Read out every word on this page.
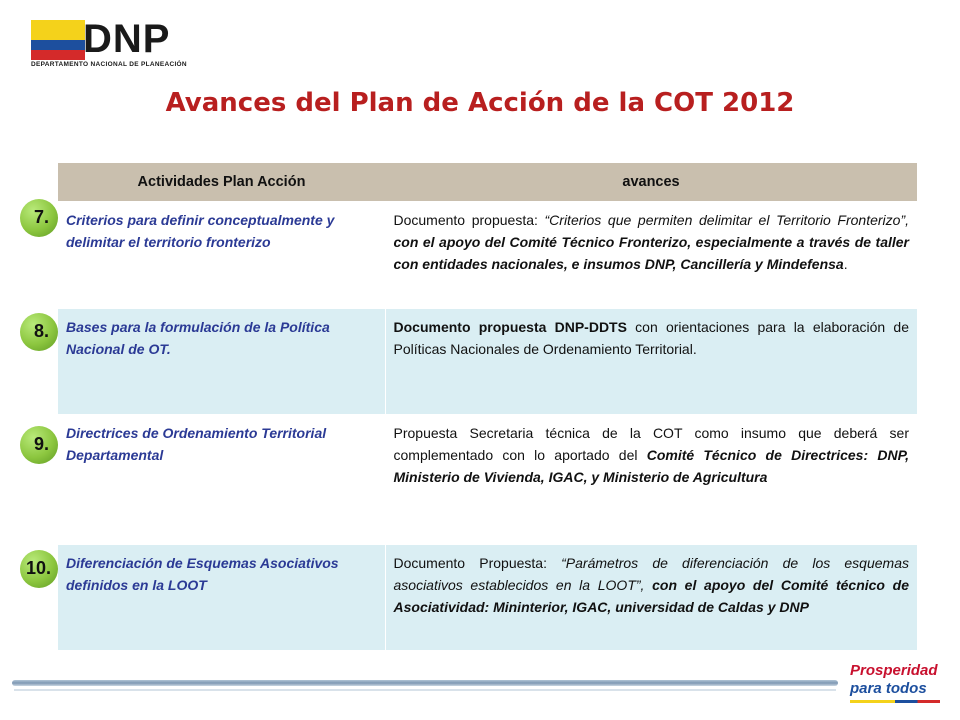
DNP
DEPARTAMENTO NACIONAL DE PLANEACIÓN
Avances del Plan de Acción de la COT 2012
Actividades Plan Acción	avances
Criterios para definir conceptualmente y delimitar el territorio fronterizo	Documento propuesta: “Criterios que permiten delimitar el Territorio Fronterizo”, con el apoyo del Comité Técnico Fronterizo, especialmente a través de taller con entidades nacionales, e insumos DNP, Cancillería y Mindefensa.
Bases para la formulación de la Política Nacional de OT.	Documento propuesta DNP-DDTS con orientaciones para la elaboración de Políticas Nacionales de Ordenamiento Territorial.
Directrices de Ordenamiento Territorial Departamental	Propuesta Secretaria técnica de la COT como insumo que deberá ser complementado con lo aportado del Comité Técnico de Directrices: DNP, Ministerio de Vivienda, IGAC, y Ministerio de Agricultura
Diferenciación de Esquemas Asociativos definidos en la LOOT	Documento Propuesta: “Parámetros de diferenciación de los esquemas asociativos establecidos en la LOOT”, con el apoyo del Comité técnico de Asociatividad: Mininterior, IGAC, universidad de Caldas y DNP
7.
8.
9.
10.
Prosperidad
para todos
